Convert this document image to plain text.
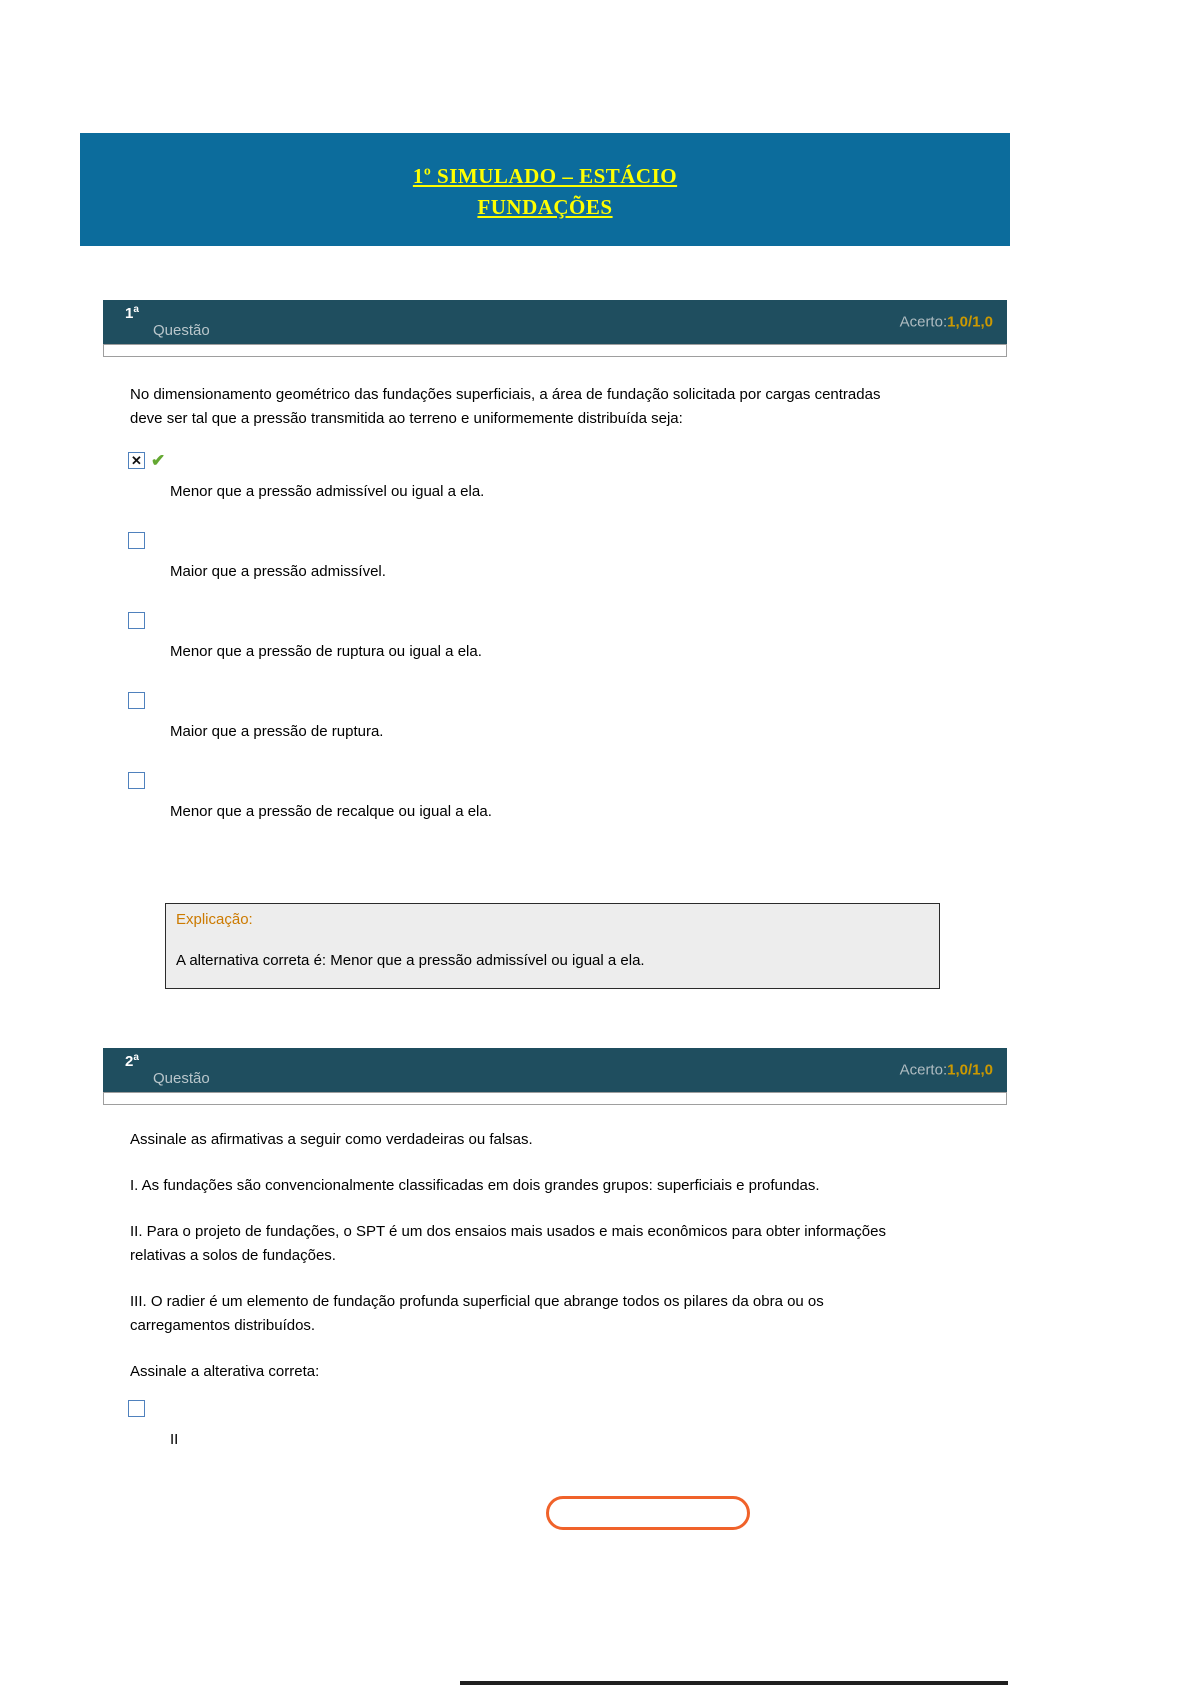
1º SIMULADO – ESTÁCIO
FUNDAÇÕES
1$^a$
Questão	Acerto:1,0/1,0

No dimensionamento geométrico das fundações superficiais, a área de fundação solicitada por cargas centradas deve ser tal que a pressão transmitida ao terreno e uniformemente distribuída seja:

✕✔
Menor que a pressão admissível ou igual a ela.
Maior que a pressão admissível.
Menor que a pressão de ruptura ou igual a ela.
Maior que a pressão de ruptura.
Menor que a pressão de recalque ou igual a ela.
Explicação:
A alternativa correta é: Menor que a pressão admissível ou igual a ela.
2$^a$
Questão	Acerto:1,0/1,0

Assinale as afirmativas a seguir como verdadeiras ou falsas.

I. As fundações são convencionalmente classificadas em dois grandes grupos: superficiais e profundas.

II. Para o projeto de fundações, o SPT é um dos ensaios mais usados e mais econômicos para obter informações relativas a solos de fundações.

III. O radier é um elemento de fundação profunda superficial que abrange todos os pilares da obra ou os carregamentos distribuídos.

Assinale a alterativa correta:

II
